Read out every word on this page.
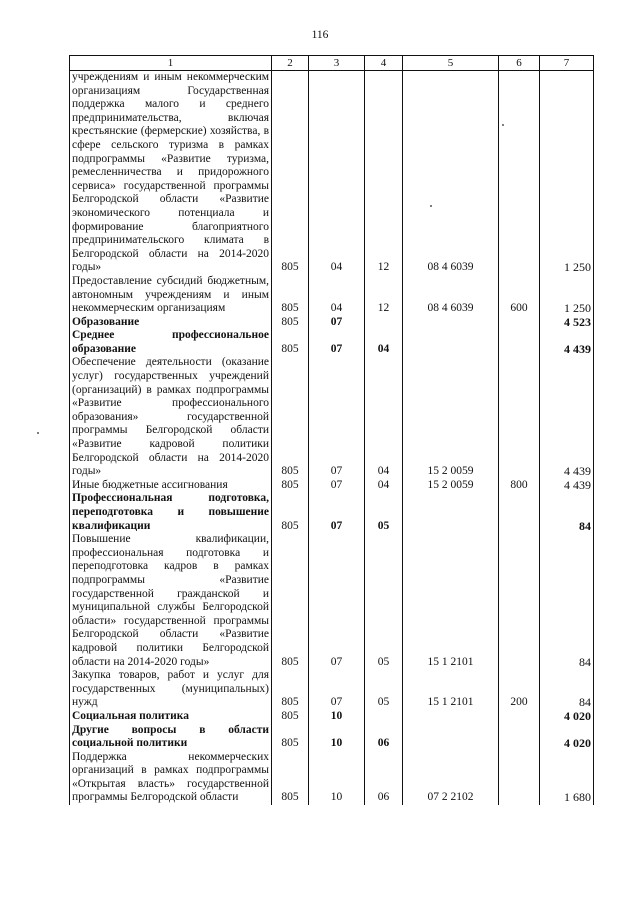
116
1	2	3	4	5	6	7
учреждениям и иным некоммерческим организациям Государственная поддержка малого и среднего предпринимательства, включая крестьянские (фермерские) хозяйства, в сфере сельского туризма в рамках подпрограммы «Развитие туризма, ремесленничества и придорожного сервиса» государственной программы Белгородской области «Развитие экономического потенциала и формирование благоприятного предпринимательского климата в Белгородской области на 2014-2020 годы»	805	04	12	08 4 6039		1 250
Предоставление субсидий бюджетным, автономным учреждениям и иным некоммерческим организациям	805	04	12	08 4 6039	600	1 250
Образование	805	07				4 523
Среднее профессиональное образование	805	07	04			4 439
Обеспечение деятельности (оказание услуг) государственных учреждений (организаций) в рамках подпрограммы «Развитие профессионального образования» государственной программы Белгородской области «Развитие кадровой политики Белгородской области на 2014-2020 годы»	805	07	04	15 2 0059		4 439
Иные бюджетные ассигнования	805	07	04	15 2 0059	800	4 439
Профессиональная подготовка, переподготовка и повышение квалификации	805	07	05			84
Повышение квалификации, профессиональная подготовка и переподготовка кадров в рамках подпрограммы «Развитие государственной гражданской и муниципальной службы Белгородской области» государственной программы Белгородской области «Развитие кадровой политики Белгородской области на 2014-2020 годы»	805	07	05	15 1 2101		84
Закупка товаров, работ и услуг для государственных (муниципальных) нужд	805	07	05	15 1 2101	200	84
Социальная политика	805	10				4 020
Другие вопросы в области социальной политики	805	10	06			4 020
Поддержка некоммерческих организаций в рамках подпрограммы «Открытая власть» государственной программы Белгородской области	805	10	06	07 2 2102		1 680
